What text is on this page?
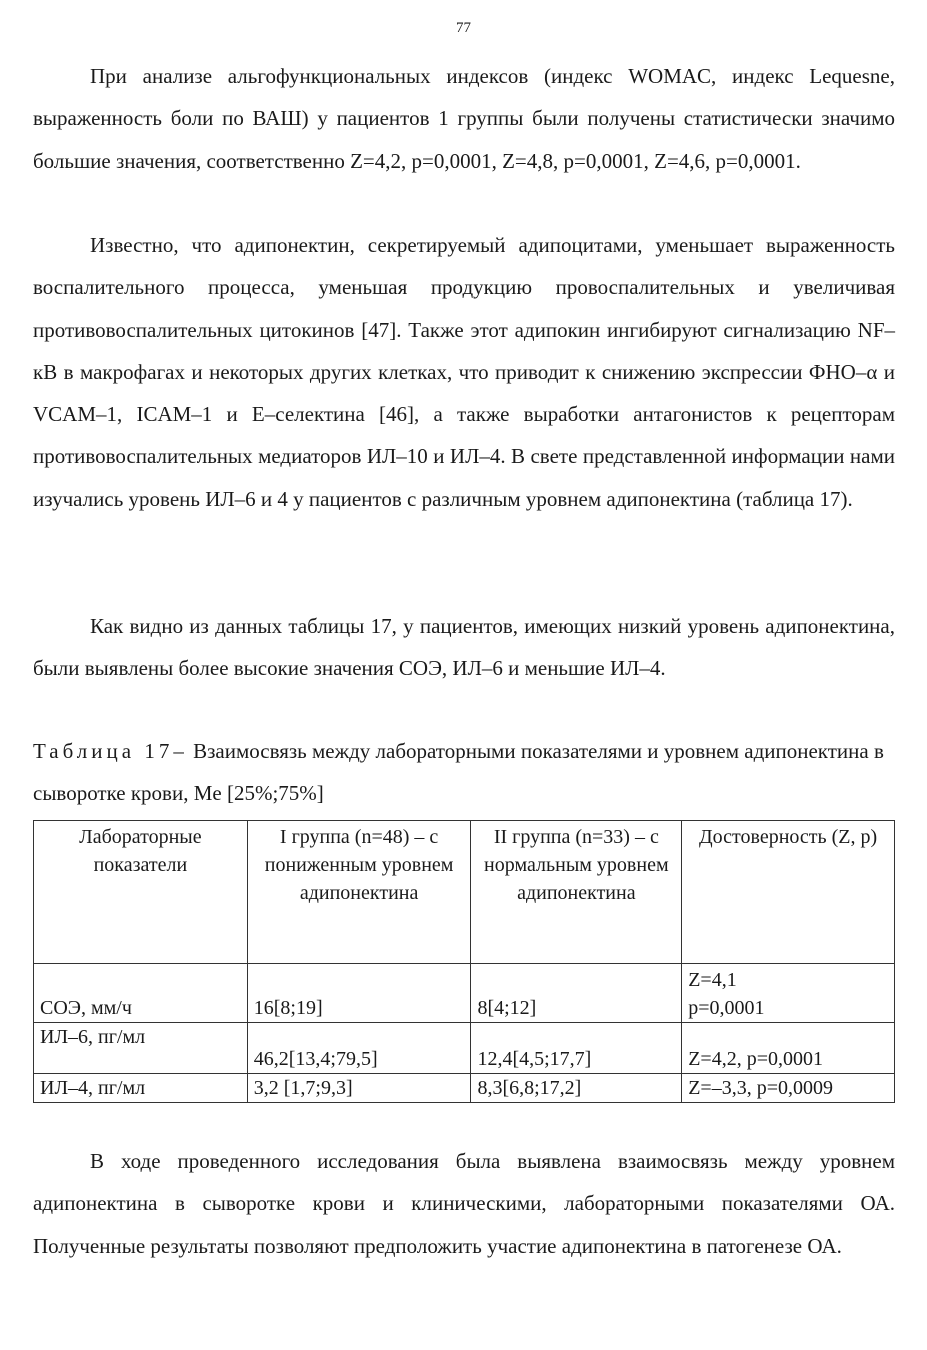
77

При анализе альгофункциональных индексов (индекс WOMAC, индекс Lequesne, выраженность боли по ВАШ) у пациентов 1 группы были получены статистически значимо большие значения, соответственно Z=4,2, p=0,0001, Z=4,8, p=0,0001, Z=4,6, p=0,0001.

Известно, что адипонектин, секретируемый адипоцитами, уменьшает выраженность воспалительного процесса, уменьшая продукцию провоспалительных и увеличивая противовоспалительных цитокинов [47]. Также этот адипокин ингибируют сигнализацию NF–кB в макрофагах и некоторых других клетках, что приводит к снижению экспрессии ФНО–α и VCAM–1, ICAM–1 и E–селектина [46], а также выработки антагонистов к рецепторам противовоспалительных медиаторов ИЛ–10 и ИЛ–4. В свете представленной информации нами изучались уровень ИЛ–6 и 4 у пациентов с различным уровнем адипонектина (таблица 17).

Как видно из данных таблицы 17, у пациентов, имеющих низкий уровень адипонектина, были выявлены более высокие значения СОЭ, ИЛ–6 и меньшие ИЛ–4.

Таблица 17– Взаимосвязь между лабораторными показателями и уровнем адипонектина в сыворотке крови, Me [25%;75%]

Лабораторные показатели	I группа (n=48) – с пониженным уровнем адипонектина	II группа (n=33) – с нормальным уровнем адипонектина	Достоверность (Z, p)
СОЭ, мм/ч	16[8;19]	8[4;12]	Z=4,1
p=0,0001

ИЛ–6, пг/мл	46,2[13,4;79,5]	12,4[4,5;17,7]	Z=4,2, p=0,0001
ИЛ–4, пг/мл	3,2 [1,7;9,3]	8,3[6,8;17,2]	Z=–3,3, p=0,0009

В ходе проведенного исследования была выявлена взаимосвязь между уровнем адипонектина в сыворотке крови и клиническими, лабораторными показателями ОА. Полученные результаты позволяют предположить участие адипонектина в патогенезе ОА.
